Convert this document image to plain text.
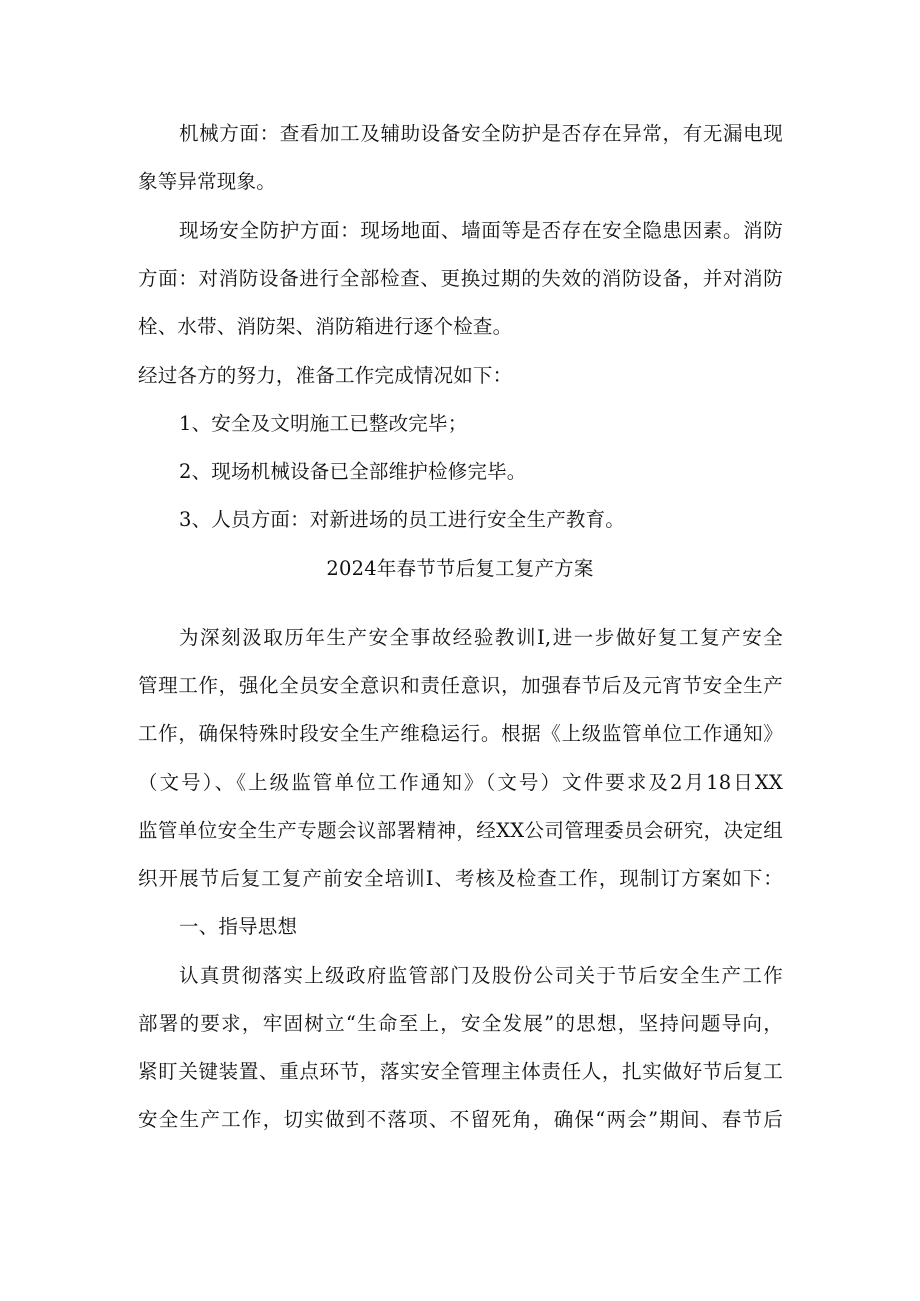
机械方面：查看加工及辅助设备安全防护是否存在异常，有无漏电现
象等异常现象。
现场安全防护方面：现场地面、墙面等是否存在安全隐患因素。消防
方面：对消防设备进行全部检查、更换过期的失效的消防设备，并对消防
栓、水带、消防架、消防箱进行逐个检查。
经过各方的努力，准备工作完成情况如下：
1、安全及文明施工已整改完毕；
2、现场机械设备已全部维护检修完毕。
3、人员方面：对新进场的员工进行安全生产教育。
2024年春节节后复工复产方案
为深刻汲取历年生产安全事故经验教训I,进一步做好复工复产安全
管理工作，强化全员安全意识和责任意识，加强春节后及元宵节安全生产
工作，确保特殊时段安全生产维稳运行。根据《上级监管单位工作通知》
（文号）、《上级监管单位工作通知》（文号）文件要求及2月18日XX
监管单位安全生产专题会议部署精神，经XX公司管理委员会研究，决定组
织开展节后复工复产前安全培训I、考核及检查工作，现制订方案如下：
一、指导思想
认真贯彻落实上级政府监管部门及股份公司关于节后安全生产工作
部署的要求，牢固树立“生命至上，安全发展”的思想，坚持问题导向，
紧盯关键装置、重点环节，落实安全管理主体责任人，扎实做好节后复工
安全生产工作，切实做到不落项、不留死角，确保“两会”期间、春节后
